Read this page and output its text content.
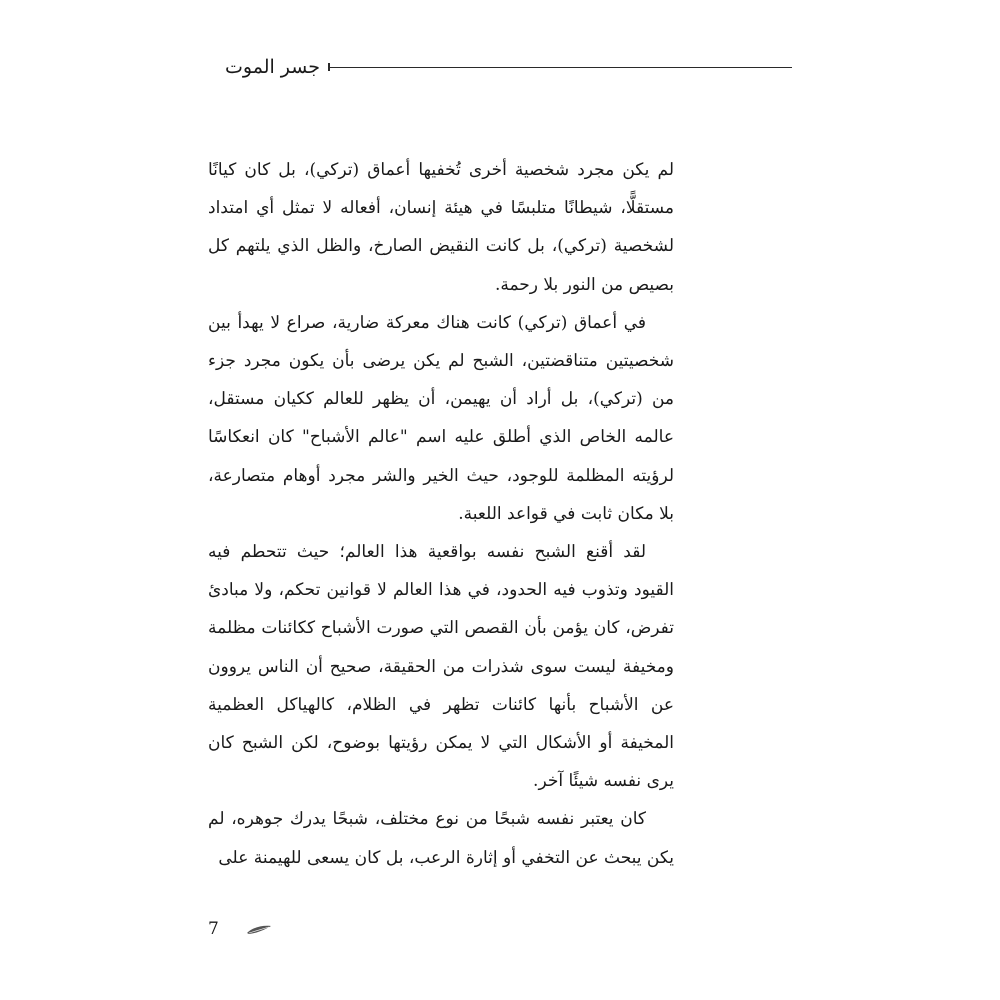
جسر الموت

لم يكن مجرد شخصية أخرى تُخفيها أعماق (تركي)، بل كان كيانًا مستقلًّا، شيطانًا متلبسًا في هيئة إنسان، أفعاله لا تمثل أي امتداد لشخصية (تركي)، بل كانت النقيض الصارخ، والظل الذي يلتهم كل بصيص من النور بلا رحمة.

في أعماق (تركي) كانت هناك معركة ضارية، صراع لا يهدأ بين شخصيتين متناقضتين، الشبح لم يكن يرضى بأن يكون مجرد جزء من (تركي)، بل أراد أن يهيمن، أن يظهر للعالم ككيان مستقل، عالمه الخاص الذي أطلق عليه اسم "عالم الأشباح" كان انعكاسًا لرؤيته المظلمة للوجود، حيث الخير والشر مجرد أوهام متصارعة، بلا مكان ثابت في قواعد اللعبة.

لقد أقنع الشبح نفسه بواقعية هذا العالم؛ حيث تتحطم فيه القيود وتذوب فيه الحدود، في هذا العالم لا قوانين تحكم، ولا مبادئ تفرض، كان يؤمن بأن القصص التي صورت الأشباح ككائنات مظلمة ومخيفة ليست سوى شذرات من الحقيقة، صحيح أن الناس يروون عن الأشباح بأنها كائنات تظهر في الظلام، كالهياكل العظمية المخيفة أو الأشكال التي لا يمكن رؤيتها بوضوح، لكن الشبح كان يرى نفسه شيئًا آخر.

كان يعتبر نفسه شبحًا من نوع مختلف، شبحًا يدرك جوهره، لم يكن يبحث عن التخفي أو إثارة الرعب، بل كان يسعى للهيمنة على

7
